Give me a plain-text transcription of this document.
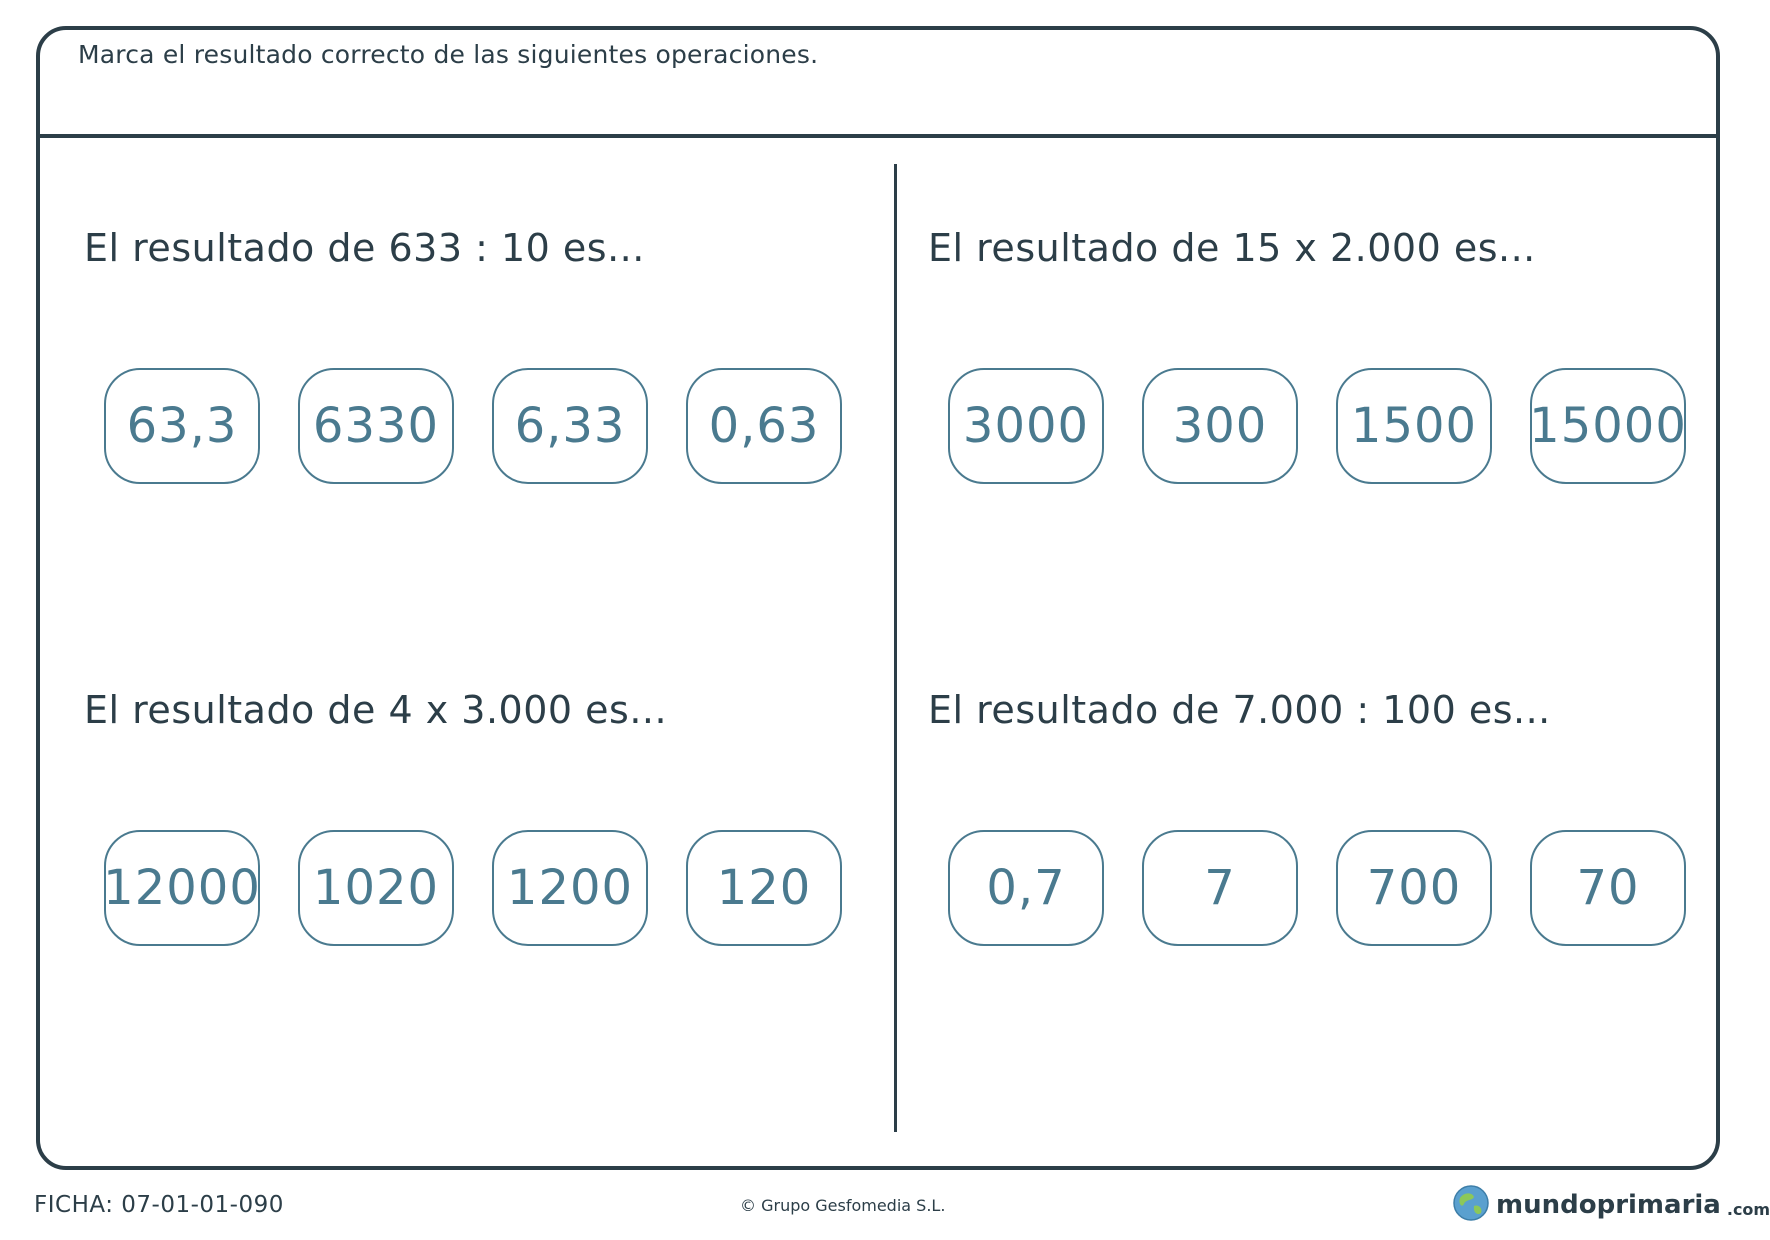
Marca el resultado correcto de las siguientes operaciones.
El resultado de 633 : 10 es...
63,3	6330	6,33	0,63
El resultado de 15 x 2.000 es...
3000	300	1500	15000
El resultado de 4 x 3.000 es...
12000	1020	1200	120
El resultado de 7.000 : 100 es...
0,7	7	700	70
FICHA: 07-01-01-090	© Grupo Gesfomedia S.L.	mundoprimaria .com
